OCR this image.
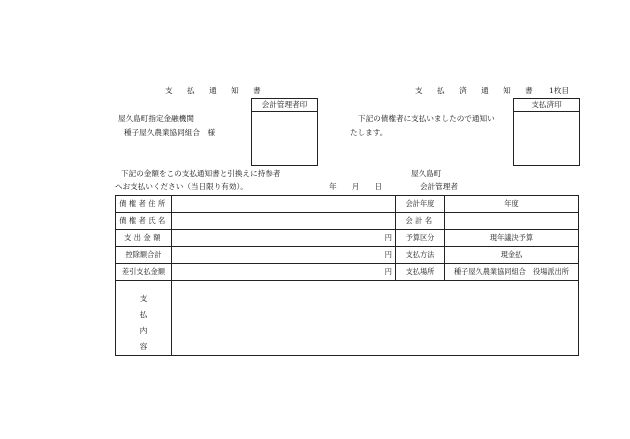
支払通知書	支払済通知書 1枚目
会計管理者印	支払済印
屋久島町指定金融機関
種子屋久農業協同組合　様
下記の債権者に支払いましたので通知い
たします。
下記の金額をこの支払通知書と引換えに持参者
へお支払いください（当日限り有効）。	年　　月　　日
屋久島町
会計管理者
債権者住所		会計年度	年度
債権者氏名		会計名	
支出金額	円	予算区分	現年議決予算
控除額合計	円	支払方法	現金払
差引支払金額	円	支払場所	種子屋久農業協同組合　役場派出所

支
払
内
容			
